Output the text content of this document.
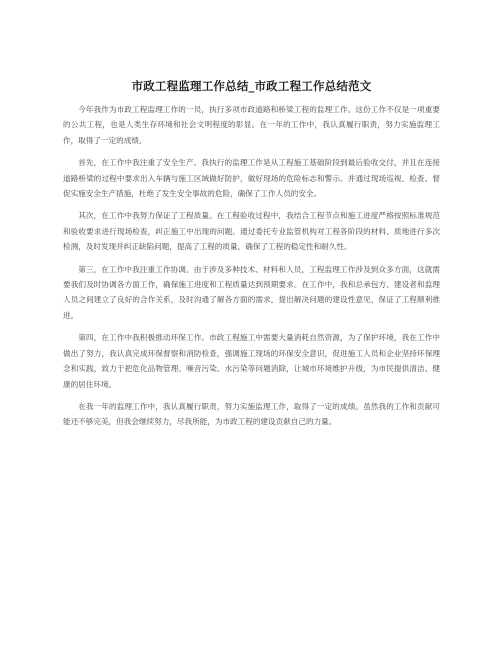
市政工程监理工作总结_市政工程工作总结范文

今年我作为市政工程监理工作的一员，执行多项市政道路和桥梁工程的监理工作。这份工作不仅是一项重要的公共工程，也是人类生存环境和社会文明程度的彰显。在一年的工作中，我认真履行职责，努力实施监理工作，取得了一定的成绩。

首先，在工作中我注重了安全生产。我执行的监理工作是从工程施工基础阶段到最后验收交付，并且在连接道路桥梁的过程中要求出入车辆与施工区域做好防护，做好现场的危险标志和警示。并通过现场巡视、检查、督促实施安全生产措施，杜绝了发生安全事故的危险，确保了工作人员的安全。

其次，在工作中我努力保证了工程质量。在工程验收过程中，我结合工程节点和施工进度严格按照标准规范和验收要求进行现场检查，纠正施工中出现的问题。通过委托专业监管机构对工程各阶段的材料、质地进行多次检测，及时发现并纠正缺陷问题，提高了工程的质量，确保了工程的稳定性和耐久性。

第三，在工作中我注重工作协调。由于涉及多种技术、材料和人员，工程监理工作涉及到众多方面，这就需要我们及时协调各方面工作，确保施工进度和工程质量达到预期要求。在工作中，我和总承包方、建设者和监理人员之间建立了良好的合作关系，及时沟通了解各方面的需求，提出解决问题的建设性意见，保证了工程顺利推进。

第四，在工作中我积极推动环保工作。市政工程施工中需要大量消耗自然资源，为了保护环境，我在工作中做出了努力，我认真完成环保督察和消防检查，强调施工现场的环保安全意识，促进施工人员和企业坚持环保理念和实践，致力于把危化品物管理、噪音污染、水污染等问题消除，让城市环境维护升级，为市民提供清洁、健康的居住环境。

在我一年的监理工作中，我认真履行职责，努力实施监理工作，取得了一定的成绩。虽然我的工作和贡献可能还不够完美，但我会继续努力，尽我所能，为市政工程的建设贡献自己的力量。
